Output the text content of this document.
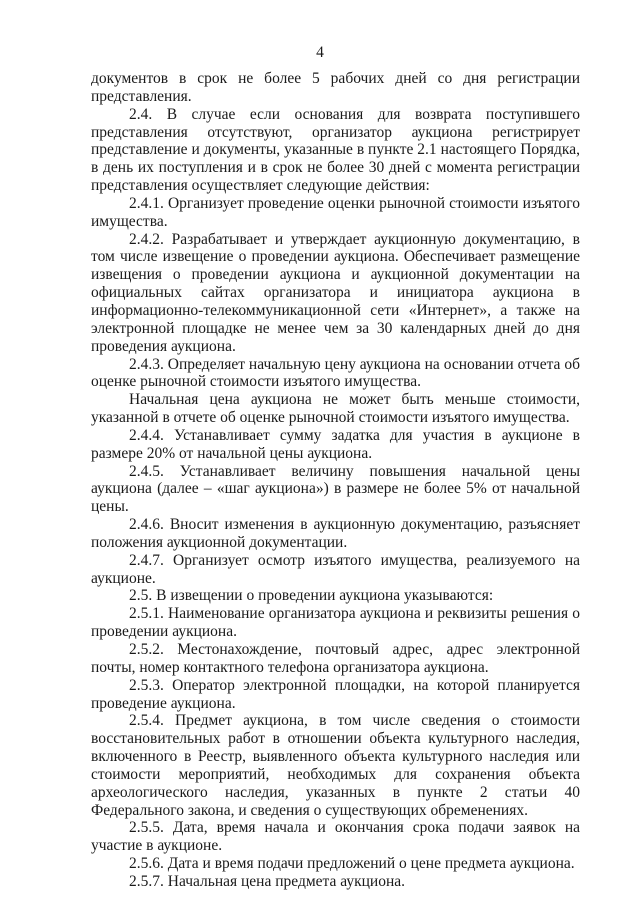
4

документов в срок не более 5 рабочих дней со дня регистрации представления.

2.4. В случае если основания для возврата поступившего представления отсутствуют, организатор аукциона регистрирует представление и документы, указанные в пункте 2.1 настоящего Порядка, в день их поступления и в срок не более 30 дней с момента регистрации представления осуществляет следующие действия:

2.4.1. Организует проведение оценки рыночной стоимости изъятого имущества.

2.4.2. Разрабатывает и утверждает аукционную документацию, в том числе извещение о проведении аукциона. Обеспечивает размещение извещения о проведении аукциона и аукционной документации на официальных сайтах организатора и инициатора аукциона в информационно-телекоммуникационной сети «Интернет», а также на электронной площадке не менее чем за 30 календарных дней до дня проведения аукциона.

2.4.3. Определяет начальную цену аукциона на основании отчета об оценке рыночной стоимости изъятого имущества.

Начальная цена аукциона не может быть меньше стоимости, указанной в отчете об оценке рыночной стоимости изъятого имущества.

2.4.4. Устанавливает сумму задатка для участия в аукционе в размере 20% от начальной цены аукциона.

2.4.5. Устанавливает величину повышения начальной цены аукциона (далее – «шаг аукциона») в размере не более 5% от начальной цены.

2.4.6. Вносит изменения в аукционную документацию, разъясняет положения аукционной документации.

2.4.7. Организует осмотр изъятого имущества, реализуемого на аукционе.

2.5. В извещении о проведении аукциона указываются:

2.5.1. Наименование организатора аукциона и реквизиты решения о проведении аукциона.

2.5.2. Местонахождение, почтовый адрес, адрес электронной почты, номер контактного телефона организатора аукциона.

2.5.3. Оператор электронной площадки, на которой планируется проведение аукциона.

2.5.4. Предмет аукциона, в том числе сведения о стоимости восстановительных работ в отношении объекта культурного наследия, включенного в Реестр, выявленного объекта культурного наследия или стоимости мероприятий, необходимых для сохранения объекта археологического наследия, указанных в пункте 2 статьи 40 Федерального закона, и сведения о существующих обременениях.

2.5.5. Дата, время начала и окончания срока подачи заявок на участие в аукционе.

2.5.6. Дата и время подачи предложений о цене предмета аукциона.

2.5.7. Начальная цена предмета аукциона.
